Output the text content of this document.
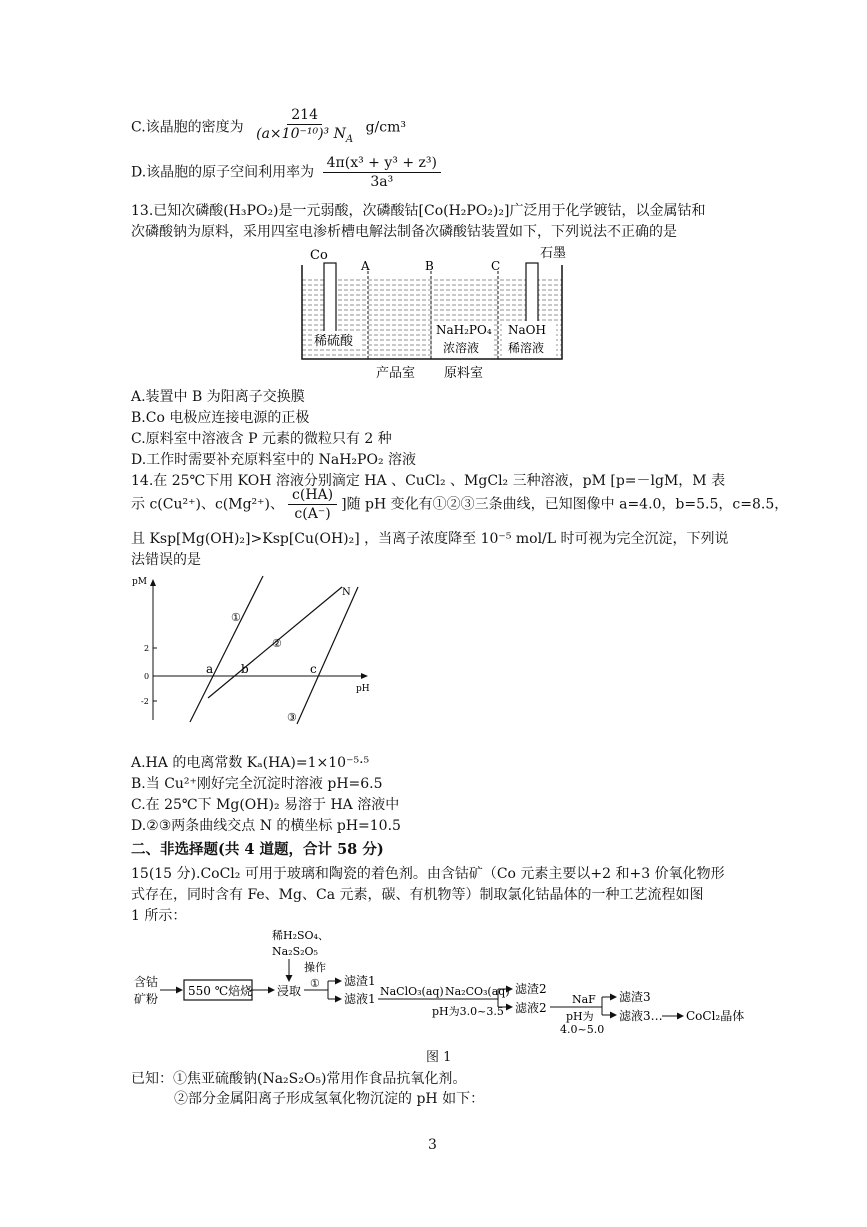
C.该晶胞的密度为 $\frac{214}{(a\times 10^{-10})^3 N_A} g/cm^3$
D.该晶胞的原子空间利用率为 $\frac{\text{4π(x³ + y³ + z³)}}{\text{3a³}}$
13.已知次磷酸(H₃PO₂)是一元弱酸，次磷酸钴[Co(H₂PO₂)₂]广泛用于化学镀钴，以金属钴和
次磷酸钠为原料，采用四室电渗析槽电解法制备次磷酸钴装置如下，下列说法不正确的是
Co	石墨
A	B	C
稀硫酸
NaH₂PO₄
浓溶液
NaOH
稀溶液
产品室 原料室
A.装置中 B 为阳离子交换膜
B.Co 电极应连接电源的正极
C.原料室中溶液含 P 元素的微粒只有 2 种
D.工作时需要补充原料室中的 NaH₂PO₂ 溶液
14.在 25℃下用 KOH 溶液分别滴定 HA 、CuCl₂ 、MgCl₂ 三种溶液，pM [p=－lgM，M 表
示 c(Cu²⁺)、c(Mg²⁺)、 $\frac{c(HA)}{c(A^-)}$ ]随 pH 变化有①②③三条曲线，已知图像中 a=4.0，b=5.5，c=8.5，
且 Ksp[Mg(OH)₂]>Ksp[Cu(OH)₂] ，当离子浓度降至 10⁻⁵ mol/L 时可视为完全沉淀，下列说
法错误的是
pM
pH
2
0
-2
N
a b	c
①
②
③
A.HA 的电离常数 Kₐ(HA)=1×10⁻⁵·⁵
B.当 Cu²⁺刚好完全沉淀时溶液 pH=6.5
C.在 25℃下 Mg(OH)₂ 易溶于 HA 溶液中
D.②③两条曲线交点 N 的横坐标 pH=10.5
二、非选择题(共 4 道题，合计 58 分)
15(15 分).CoCl₂ 可用于玻璃和陶瓷的着色剂。由含钴矿（Co 元素主要以+2 和+3 价氧化物形
式存在，同时含有 Fe、Mg、Ca 元素，碳、有机物等）制取氯化钴晶体的一种工艺流程如图
1 所示：
含钴
矿粉
550 ℃焙烧
稀H₂SO₄、
Na₂S₂O₅
浸取
操作
① 滤渣1
滤液1
NaClO₃(aq) Na₂CO₃(aq)
pH为3.0~3.5
滤渣2
滤液2
NaF
pH为
4.0~5.0
滤渣3
滤液3… CoCl₂晶体
图 1
已知：①焦亚硫酸钠(Na₂S₂O₅)常用作食品抗氧化剂。
②部分金属阳离子形成氢氧化物沉淀的 pH 如下：
3
